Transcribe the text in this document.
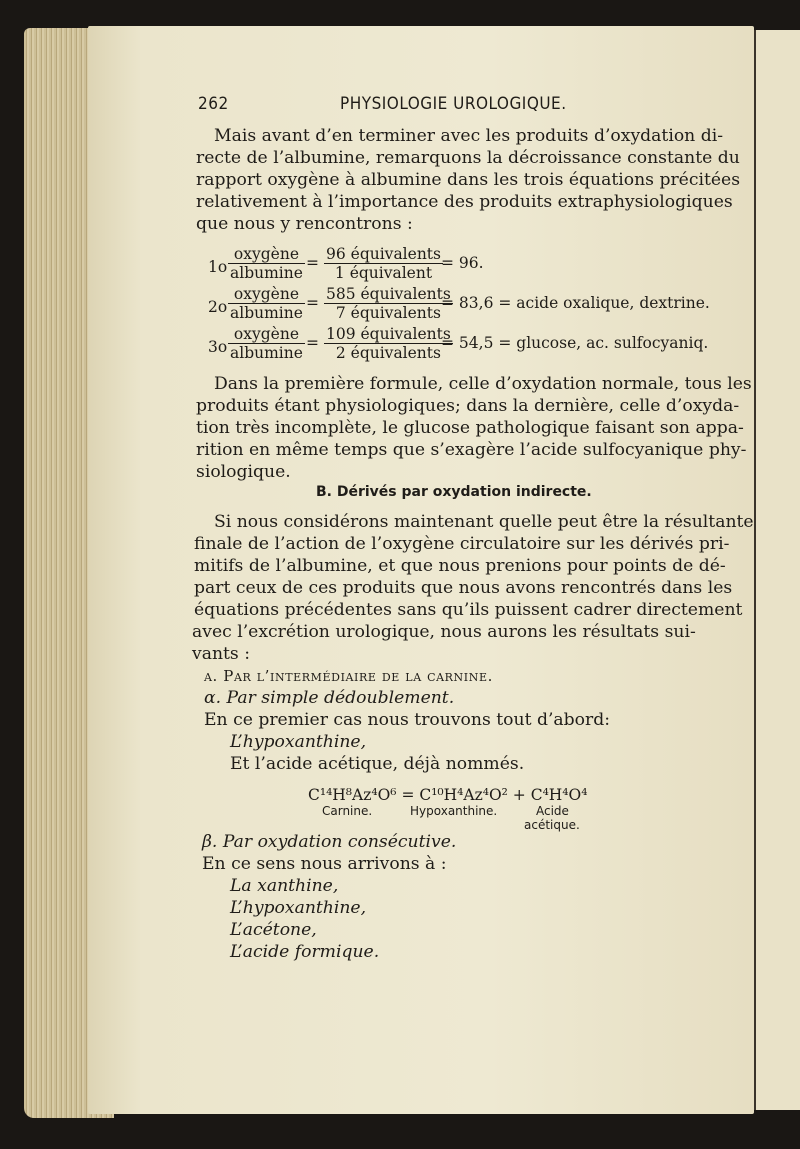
262	PHYSIOLOGIE UROLOGIQUE.
Mais avant d’en terminer avec les produits d’oxydation di-
recte de l’albumine, remarquons la décroissance constante du
rapport oxygène à albumine dans les trois équations précitées
relativement à l’importance des produits extraphysiologiques
que nous y rencontrons :
1o
oxygène
albumine
= 96 équivalents
1 équivalent
= 96.
2o
oxygène
albumine
= 585 équivalents
7 équivalents
= 83,6 = acide oxalique, dextrine.
3o
oxygène
albumine
= 109 équivalents
2 équivalents
= 54,5 = glucose, ac. sulfocyaniq.
Dans la première formule, celle d’oxydation normale, tous les
produits étant physiologiques; dans la dernière, celle d’oxyda-
tion très incomplète, le glucose pathologique faisant son appa-
rition en même temps que s’exagère l’acide sulfocyanique phy-
siologique.
B. Dérivés par oxydation indirecte.
Si nous considérons maintenant quelle peut être la résultante
finale de l’action de l’oxygène circulatoire sur les dérivés pri-
mitifs de l’albumine, et que nous prenions pour points de dé-
part ceux de ces produits que nous avons rencontrés dans les
équations précédentes sans qu’ils puissent cadrer directement
avec l’excrétion urologique, nous aurons les résultats sui-
vants :
a. Par l’intermédiaire de la carnine.
α. Par simple dédoublement.
En ce premier cas nous trouvons tout d’abord:
L’hypoxanthine,
Et l’acide acétique, déjà nommés.
C¹⁴H⁸Az⁴O⁶ = C¹⁰H⁴Az⁴O² + C⁴H⁴O⁴
Carnine.	Hypoxanthine.	Acide
acétique.
β. Par oxydation consécutive.
En ce sens nous arrivons à :
La xanthine,
L’hypoxanthine,
L’acétone,
L’acide formique.
